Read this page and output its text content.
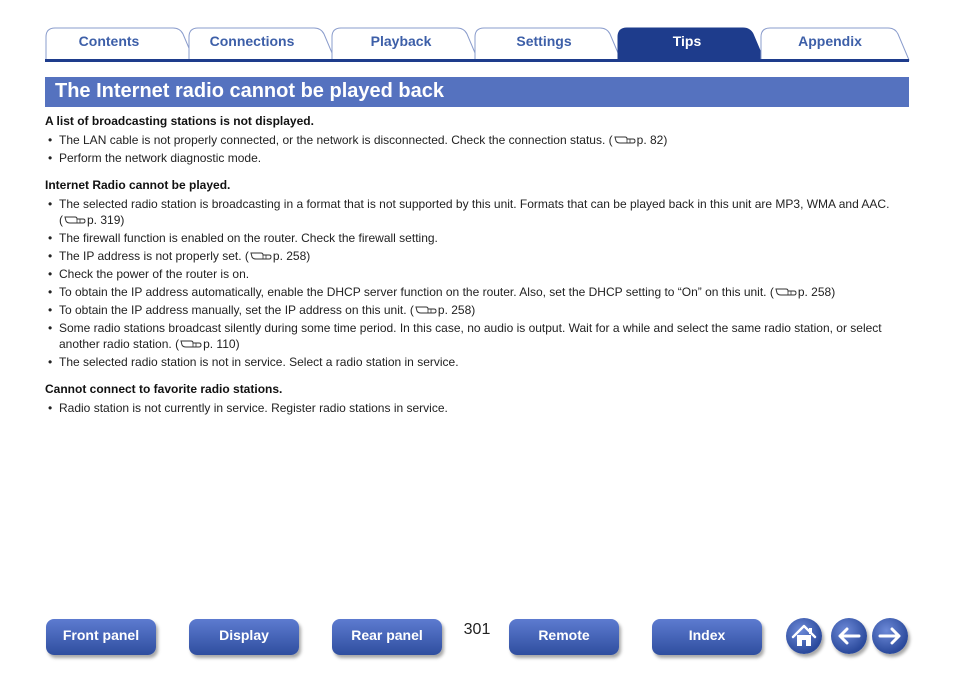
Contents	Connections	Playback	Settings	Tips	Appendix
The Internet radio cannot be played back
A list of broadcasting stations is not displayed.
• The LAN cable is not properly connected, or the network is disconnected. Check the connection status. ( p. 82)
• Perform the network diagnostic mode.
Internet Radio cannot be played.
• The selected radio station is broadcasting in a format that is not supported by this unit. Formats that can be played back in this unit are MP3, WMA and AAC. ( p. 319)
• The firewall function is enabled on the router. Check the firewall setting.
• The IP address is not properly set. ( p. 258)
• Check the power of the router is on.
• To obtain the IP address automatically, enable the DHCP server function on the router. Also, set the DHCP setting to “On” on this unit. ( p. 258)
• To obtain the IP address manually, set the IP address on this unit. ( p. 258)
• Some radio stations broadcast silently during some time period. In this case, no audio is output. Wait for a while and select the same radio station, or select another radio station. ( p. 110)
• The selected radio station is not in service. Select a radio station in service.
Cannot connect to favorite radio stations.
• Radio station is not currently in service. Register radio stations in service.
Front panel	Display	Rear panel	301	Remote	Index
